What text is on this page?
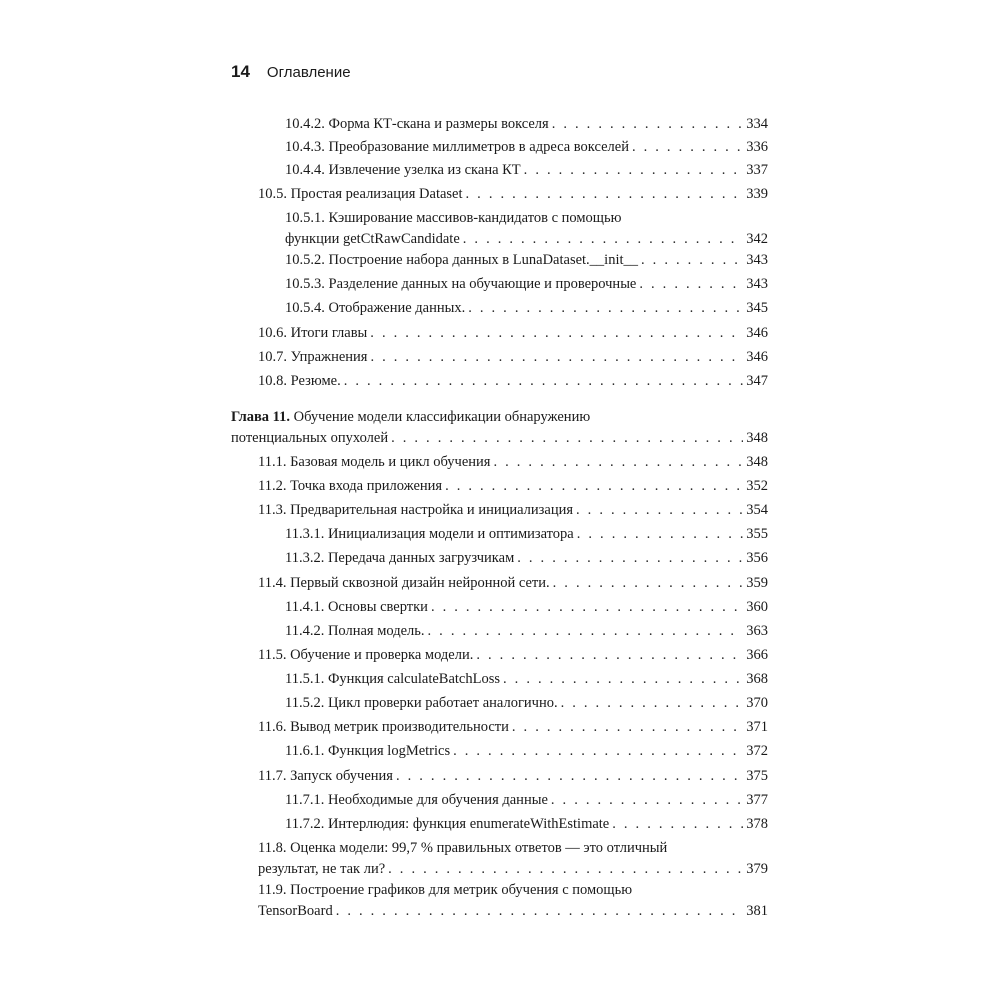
14 Оглавление
10.4.2. Форма КТ-скана и размеры вокселя . . .	334
10.4.3. Преобразование миллиметров в адреса вокселей . . .	336
10.4.4. Извлечение узелка из скана КТ . . .	337
10.5. Простая реализация Dataset . . .	339
10.5.1. Кэширование массивов-кандидатов с помощью
функции getCtRawCandidate . . .	342
10.5.2. Построение набора данных в LunaDataset.__init__ . . .	343
10.5.3. Разделение данных на обучающие и проверочные . . .	343
10.5.4. Отображение данных. . . .	345
10.6. Итоги главы . . .	346
10.7. Упражнения . . .	346
10.8. Резюме. . . .	347
Глава 11. Обучение модели классификации обнаружению
потенциальных опухолей . . .	348
11.1. Базовая модель и цикл обучения . . .	348
11.2. Точка входа приложения . . .	352
11.3. Предварительная настройка и инициализация . . .	354
11.3.1. Инициализация модели и оптимизатора . . .	355
11.3.2. Передача данных загрузчикам . . .	356
11.4. Первый сквозной дизайн нейронной сети. . . .	359
11.4.1. Основы свертки . . .	360
11.4.2. Полная модель. . . .	363
11.5. Обучение и проверка модели. . . .	366
11.5.1. Функция calculateBatchLoss . . .	368
11.5.2. Цикл проверки работает аналогично. . . .	370
11.6. Вывод метрик производительности . . .	371
11.6.1. Функция logMetrics . . .	372
11.7. Запуск обучения . . .	375
11.7.1. Необходимые для обучения данные . . .	377
11.7.2. Интерлюдия: функция enumerateWithEstimate . . .	378
11.8. Оценка модели: 99,7 % правильных ответов — это отличный
результат, не так ли? . . .	379
11.9. Построение графиков для метрик обучения с помощью
TensorBoard . . .	381
